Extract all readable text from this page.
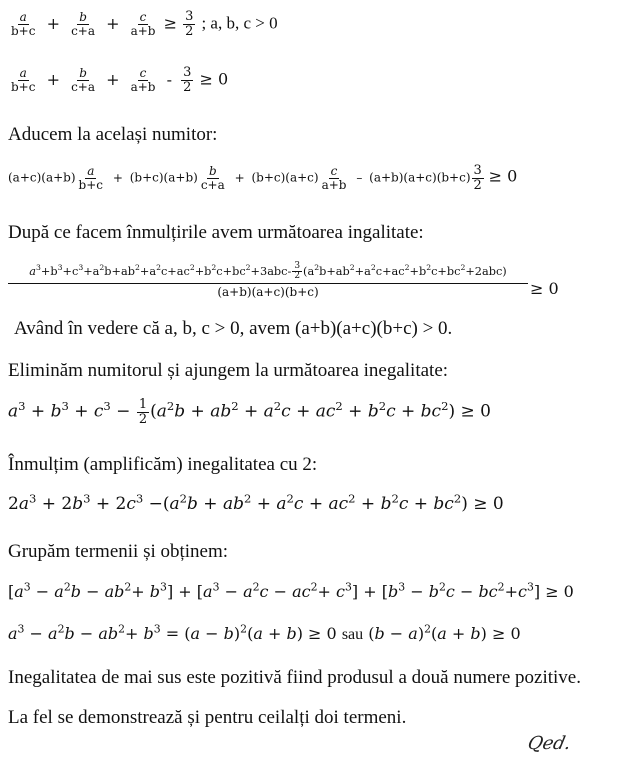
$\frac{a}{b+c} + \frac{b}{c+a} + \frac{c}{a+b} \ge \frac{3}{2}$ ; a, b, c > 0
$\frac{a}{b+c} + \frac{b}{c+a} + \frac{c}{a+b} - \frac{3}{2} \ge 0$
Aducem la același numitor:
$(a+c)(a+b) \frac{a}{b+c} + (b+c)(a+b) \frac{b}{c+a} + (b+c)(a+c) \frac{c}{a+b} - (a+b)(a+c)(b+c) \frac{3}{2} \ge 0$
După ce facem înmulțirile avem următoarea ingalitate:
$a^3+b^3+c^3+a^2b+ab^2+a^2c+ac^2+b^2c+bc^2+3abc- \frac{3}{2} (a^2b+ab^2+a^2c+ac^2+b^2c+bc^2+2abc)$
(a+b)(a+c)(b+c)	≥ 0
Având în vedere că a, b, c > 0, avem (a+b)(a+c)(b+c) > 0.
Eliminăm numitorul și ajungem la următoarea inegalitate:
$a^3 + b^3 + c^3 - \frac{1}{2} (a^2b + ab^2 + a^2c + ac^2 + b^2c + bc^2) \ge 0$
Înmulțim (amplificăm) inegalitatea cu 2:
$2a^3 + 2b^3 + 2c^3 -(a^2b + ab^2 + a^2c + ac^2 + b^2c + bc^2) \ge 0$
Grupăm termenii și obținem:
$[a^3 - a^2b - ab^2+ b^3] + [a^3 - a^2c - ac^2+ c^3] + [b^3 - b^2c - bc^2+c^3] \ge 0$
$a^3 - a^2b - ab^2+ b^3 = (a - b)^2(a + b) \ge 0$ sau $(b - a)^2(a + b) \ge 0$
Inegalitatea de mai sus este pozitivă fiind produsul a două numere pozitive.
La fel se demonstrează și pentru ceilalți doi termeni.
Qed.
